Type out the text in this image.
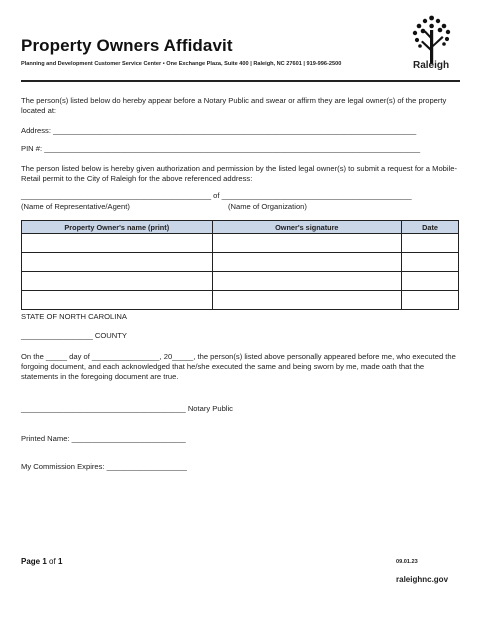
Property Owners Affidavit
Planning and Development Customer Service Center • One Exchange Plaza, Suite 400 | Raleigh, NC 27601 | 919-996-2500	Raleigh
The person(s) listed below do hereby appear before a Notary Public and swear or affirm they are legal owner(s) of the property located at:
Address: ______________________________________________________________________________________
PIN #: _________________________________________________________________________________________
The person listed below is hereby given authorization and permission by the listed legal owner(s) to submit a request for a Mobile-Retail permit to the City of Raleigh for the above referenced address:
_____________________________________________ of _____________________________________________
(Name of Representative/Agent)	(Name of Organization)
Property Owner's name (print)	Owner's signature	Date

STATE OF NORTH CAROLINA
_________________ COUNTY
On the _____ day of ________________, 20_____, the person(s) listed above personally appeared before me, who executed the forgoing document, and each acknowledged that he/she executed the same and being sworn by me, made oath that the statements in the foregoing document are true.
_______________________________________ Notary Public
Printed Name: ___________________________
My Commission Expires: ___________________
Page 1 of 1	09.01.23
raleighnc.gov
